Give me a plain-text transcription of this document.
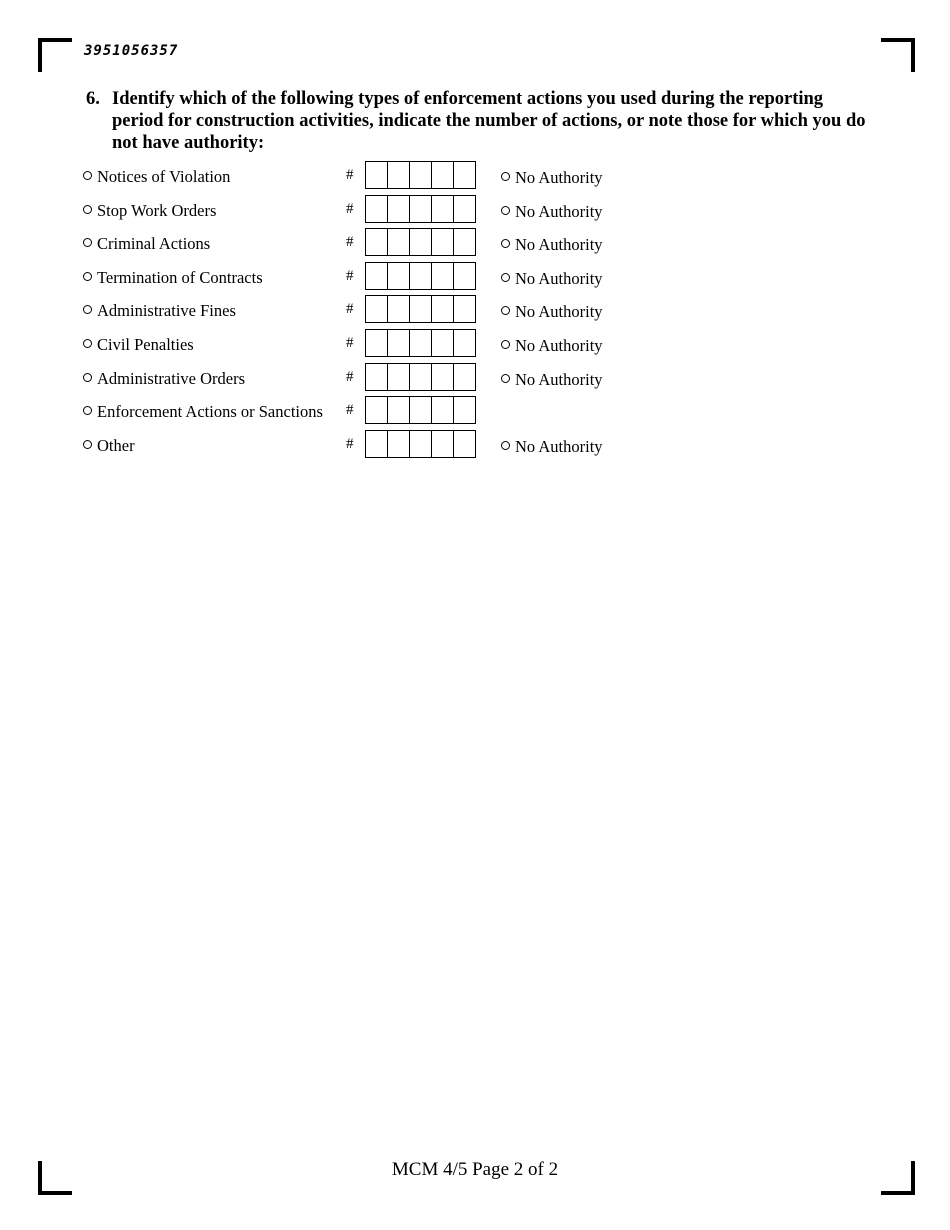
3951056357
6. Identify which of the following types of enforcement actions you used during the reporting period for construction activities, indicate the number of actions, or note those for which you do not have authority:
Notices of Violation	#	No Authority
Stop Work Orders	#	No Authority
Criminal Actions	#	No Authority
Termination of Contracts	#	No Authority
Administrative Fines	#	No Authority
Civil Penalties	#	No Authority
Administrative Orders	#	No Authority
Enforcement Actions or Sanctions #
Other	#	No Authority
MCM 4/5 Page 2 of 2
